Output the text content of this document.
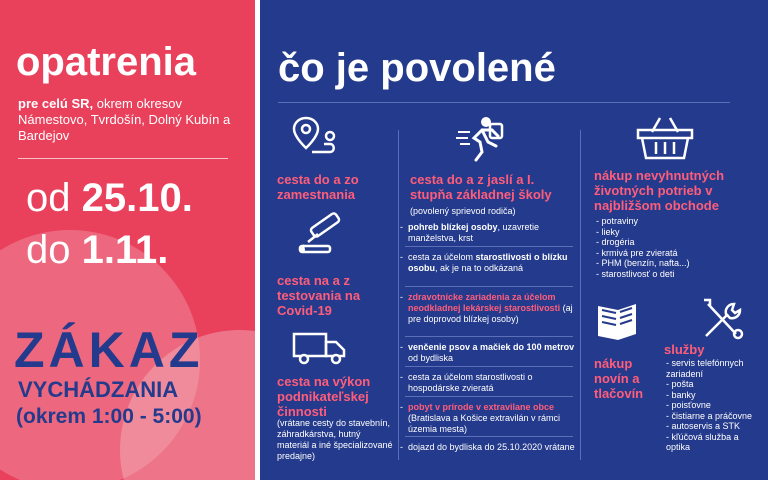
opatrenia
pre celú SR, okrem okresov Námestovo, Tvrdošín, Dolný Kubín a Bardejov
od 25.10.
do 1.11.
ZÁKAZ
VYCHÁDZANIA
(okrem 1:00 - 5:00)
čo je povolené
cesta do a zo zamestnania
cesta na a z testovania na Covid-19
cesta na výkon podnikateľskej činnosti
(vrátane cesty do stavebnín, záhradkárstva, hutný materiál a iné špecializované predajne)
cesta do a z jaslí a I. stupňa základnej školy (povolený sprievod rodiča)
- pohreb blízkej osoby, uzavretie manželstva, krst
- cesta za účelom starostlivosti o blízku osobu, ak je na to odkázaná
- zdravotnícke zariadenia za účelom neodkladnej lekárskej starostlivosti (aj pre doprovod blízkej osoby)
- venčenie psov a mačiek do 100 metrov od bydliska
- cesta za účelom starostlivosti o hospodárske zvieratá
- pobyt v prírode v extravilane obce (Bratislava a Košice extravilán v rámci územia mesta)
- dojazd do bydliska do 25.10.2020 vrátane
nákup nevyhnutných životných potrieb v najbližšom obchode
- potraviny
- lieky
- drogéria
- krmivá pre zvieratá
- PHM (benzín, nafta...)
- starostlivosť o deti
nákup novín a tlačovín
služby
- servis telefónnych zariadení
- pošta
- banky
- poisťovne
- čistiarne a práčovne
- autoservis a STK
- kľúčová služba a optika
